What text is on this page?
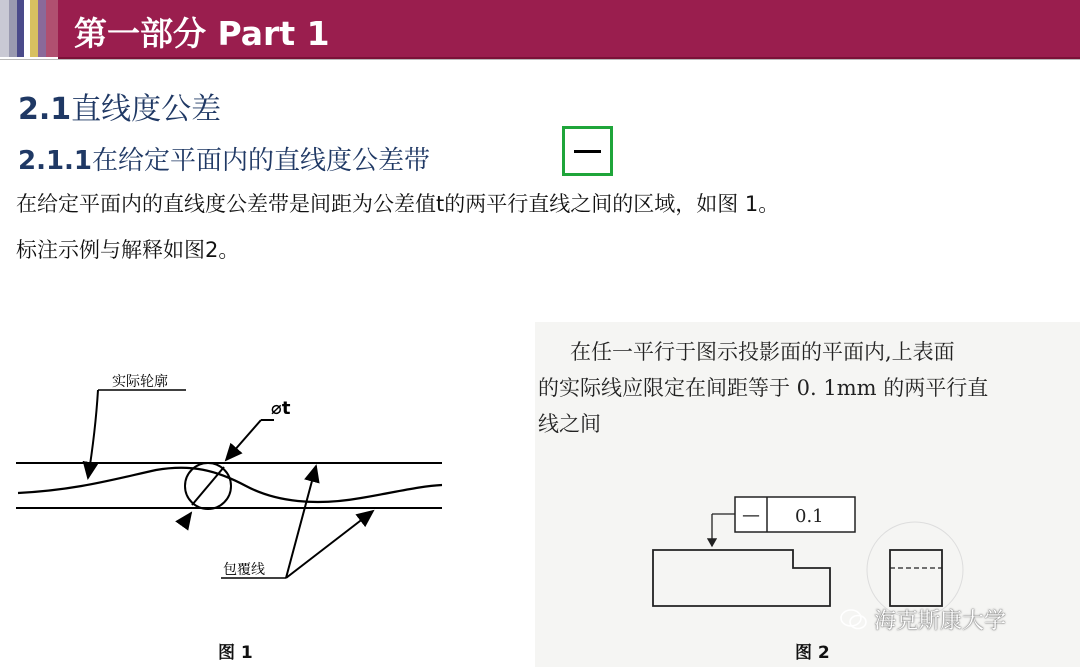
第一部分 Part 1
2.1直线度公差
2.1.1在给定平面内的直线度公差带
在给定平面内的直线度公差带是间距为公差值t的两平行直线之间的区域，如图 1。
标注示例与解释如图2。
实际轮廓
⌀t
包覆线
图 1
在任一平行于图示投影面的平面内,上表面
的实际线应限定在间距等于 0. 1mm 的两平行直
线之间
— 0.1
图 2
海克斯康大学
